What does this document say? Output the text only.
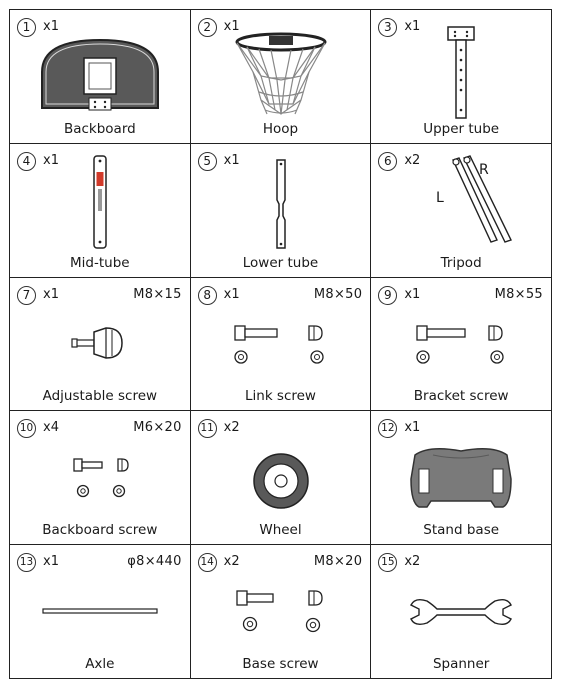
1 x1
Backboard
2 x1
Hoop
3 x1
Upper tube
4 x1
Mid-tube
5 x1
Lower tube
L
R
6 x2
Tripod
7 x1	M8×15
Adjustable screw
8 x1	M8×50
Link screw
9 x1	M8×55
Bracket screw
10 x4	M6×20
Backboard screw
11 x2
Wheel
12 x1
Stand base
13 x1	φ8×440
Axle
14 x2	M8×20
Base screw
15 x2
Spanner
